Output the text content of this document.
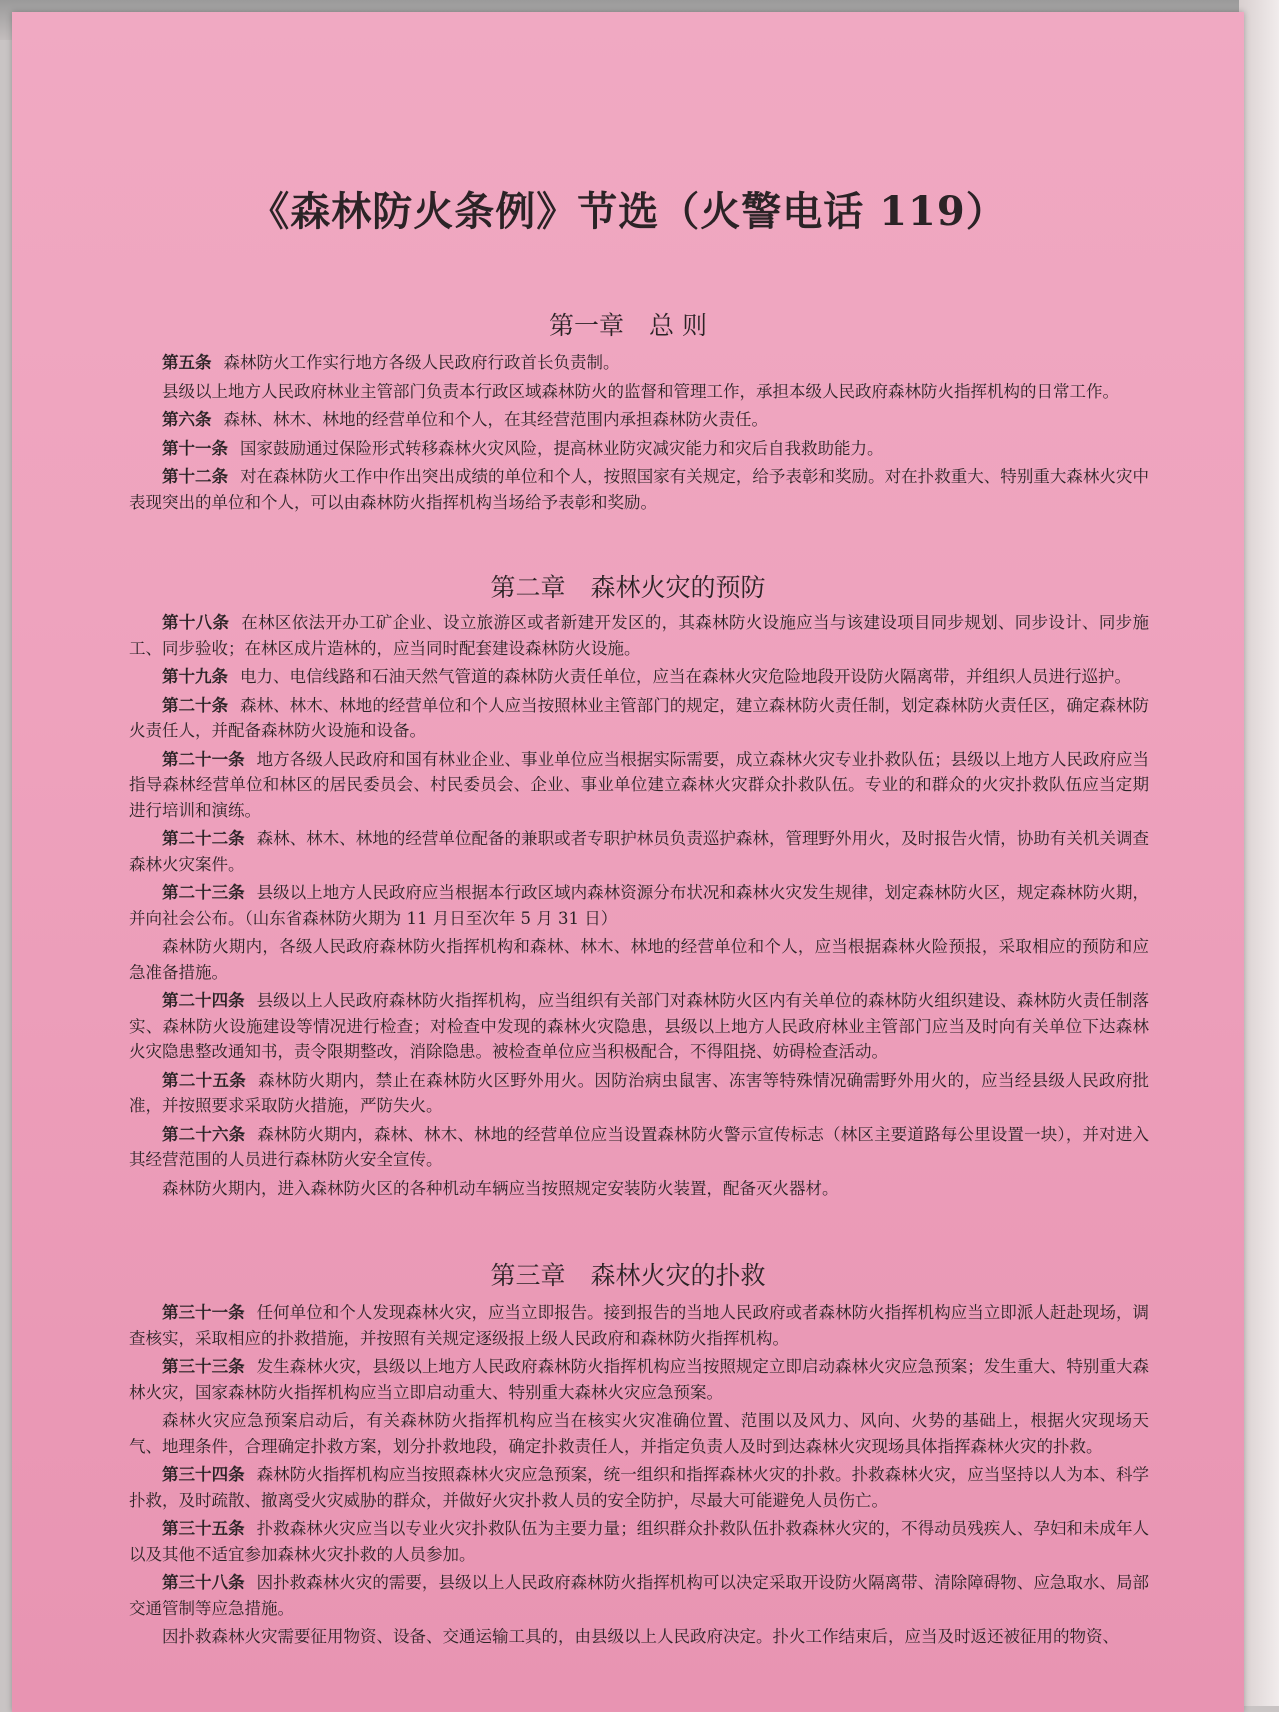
《森林防火条例》节选（火警电话 119）
第一章　总 则

第五条 森林防火工作实行地方各级人民政府行政首长负责制。

县级以上地方人民政府林业主管部门负责本行政区域森林防火的监督和管理工作，承担本级人民政府森林防火指挥机构的日常工作。

第六条 森林、林木、林地的经营单位和个人，在其经营范围内承担森林防火责任。

第十一条 国家鼓励通过保险形式转移森林火灾风险，提高林业防灾减灾能力和灾后自我救助能力。

第十二条 对在森林防火工作中作出突出成绩的单位和个人，按照国家有关规定，给予表彰和奖励。对在扑救重大、特别重大森林火灾中表现突出的单位和个人，可以由森林防火指挥机构当场给予表彰和奖励。

第二章　森林火灾的预防

第十八条 在林区依法开办工矿企业、设立旅游区或者新建开发区的，其森林防火设施应当与该建设项目同步规划、同步设计、同步施工、同步验收；在林区成片造林的，应当同时配套建设森林防火设施。

第十九条 电力、电信线路和石油天然气管道的森林防火责任单位，应当在森林火灾危险地段开设防火隔离带，并组织人员进行巡护。

第二十条 森林、林木、林地的经营单位和个人应当按照林业主管部门的规定，建立森林防火责任制，划定森林防火责任区，确定森林防火责任人，并配备森林防火设施和设备。

第二十一条 地方各级人民政府和国有林业企业、事业单位应当根据实际需要，成立森林火灾专业扑救队伍；县级以上地方人民政府应当指导森林经营单位和林区的居民委员会、村民委员会、企业、事业单位建立森林火灾群众扑救队伍。专业的和群众的火灾扑救队伍应当定期进行培训和演练。

第二十二条 森林、林木、林地的经营单位配备的兼职或者专职护林员负责巡护森林，管理野外用火，及时报告火情，协助有关机关调查森林火灾案件。

第二十三条 县级以上地方人民政府应当根据本行政区域内森林资源分布状况和森林火灾发生规律，划定森林防火区，规定森林防火期，并向社会公布。（山东省森林防火期为 11 月日至次年 5 月 31 日）

森林防火期内，各级人民政府森林防火指挥机构和森林、林木、林地的经营单位和个人，应当根据森林火险预报，采取相应的预防和应急准备措施。

第二十四条 县级以上人民政府森林防火指挥机构，应当组织有关部门对森林防火区内有关单位的森林防火组织建设、森林防火责任制落实、森林防火设施建设等情况进行检查；对检查中发现的森林火灾隐患，县级以上地方人民政府林业主管部门应当及时向有关单位下达森林火灾隐患整改通知书，责令限期整改，消除隐患。被检查单位应当积极配合，不得阻挠、妨碍检查活动。

第二十五条 森林防火期内，禁止在森林防火区野外用火。因防治病虫鼠害、冻害等特殊情况确需野外用火的，应当经县级人民政府批准，并按照要求采取防火措施，严防失火。

第二十六条 森林防火期内，森林、林木、林地的经营单位应当设置森林防火警示宣传标志（林区主要道路每公里设置一块），并对进入其经营范围的人员进行森林防火安全宣传。

森林防火期内，进入森林防火区的各种机动车辆应当按照规定安装防火装置，配备灭火器材。

第三章　森林火灾的扑救

第三十一条 任何单位和个人发现森林火灾，应当立即报告。接到报告的当地人民政府或者森林防火指挥机构应当立即派人赶赴现场，调查核实，采取相应的扑救措施，并按照有关规定逐级报上级人民政府和森林防火指挥机构。

第三十三条 发生森林火灾，县级以上地方人民政府森林防火指挥机构应当按照规定立即启动森林火灾应急预案；发生重大、特别重大森林火灾，国家森林防火指挥机构应当立即启动重大、特别重大森林火灾应急预案。

森林火灾应急预案启动后，有关森林防火指挥机构应当在核实火灾准确位置、范围以及风力、风向、火势的基础上，根据火灾现场天气、地理条件，合理确定扑救方案，划分扑救地段，确定扑救责任人，并指定负责人及时到达森林火灾现场具体指挥森林火灾的扑救。

第三十四条 森林防火指挥机构应当按照森林火灾应急预案，统一组织和指挥森林火灾的扑救。扑救森林火灾，应当坚持以人为本、科学扑救，及时疏散、撤离受火灾威胁的群众，并做好火灾扑救人员的安全防护，尽最大可能避免人员伤亡。

第三十五条 扑救森林火灾应当以专业火灾扑救队伍为主要力量；组织群众扑救队伍扑救森林火灾的，不得动员残疾人、孕妇和未成年人以及其他不适宜参加森林火灾扑救的人员参加。

第三十八条 因扑救森林火灾的需要，县级以上人民政府森林防火指挥机构可以决定采取开设防火隔离带、清除障碍物、应急取水、局部交通管制等应急措施。

因扑救森林火灾需要征用物资、设备、交通运输工具的，由县级以上人民政府决定。扑火工作结束后，应当及时返还被征用的物资、
